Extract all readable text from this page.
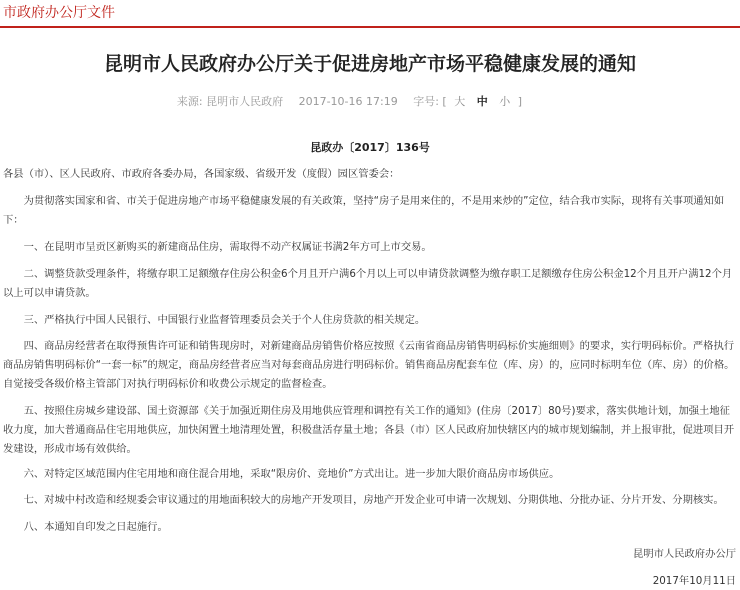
市政府办公厅文件
昆明市人民政府办公厅关于促进房地产市场平稳健康发展的通知
来源: 昆明市人民政府 2017-10-16 17:19 字号: [ 大 中 小 ]
昆政办〔2017〕136号

各县（市）、区人民政府、市政府各委办局，各国家级、省级开发（度假）园区管委会：

为贯彻落实国家和省、市关于促进房地产市场平稳健康发展的有关政策，坚持“房子是用来住的，不是用来炒的”定位，结合我市实际，现将有关事项通知如下：

一、在昆明市呈贡区新购买的新建商品住房，需取得不动产权属证书满2年方可上市交易。

二、调整贷款受理条件，将缴存职工足额缴存住房公积金6个月且开户满6个月以上可以申请贷款调整为缴存职工足额缴存住房公积金12个月且开户满12个月以上可以申请贷款。

三、严格执行中国人民银行、中国银行业监督管理委员会关于个人住房贷款的相关规定。

四、商品房经营者在取得预售许可证和销售现房时，对新建商品房销售价格应按照《云南省商品房销售明码标价实施细则》的要求，实行明码标价。严格执行商品房销售明码标价“一套一标”的规定，商品房经营者应当对每套商品房进行明码标价。销售商品房配套车位（库、房）的，应同时标明车位（库、房）的价格。自觉接受各级价格主管部门对执行明码标价和收费公示规定的监督检查。

五、按照住房城乡建设部、国土资源部《关于加强近期住房及用地供应管理和调控有关工作的通知》(住房〔2017〕80号)要求，落实供地计划，加强土地征收力度，加大普通商品住宅用地供应，加快闲置土地清理处置，积极盘活存量土地；各县（市）区人民政府加快辖区内的城市规划编制，并上报审批，促进项目开发建设，形成市场有效供给。

六、对特定区域范围内住宅用地和商住混合用地，采取“限房价、竞地价”方式出让。进一步加大限价商品房市场供应。

七、对城中村改造和经规委会审议通过的用地面积较大的房地产开发项目，房地产开发企业可申请一次规划、分期供地、分批办证、分片开发、分期核实。

八、本通知自印发之日起施行。

昆明市人民政府办公厅
2017年10月11日
